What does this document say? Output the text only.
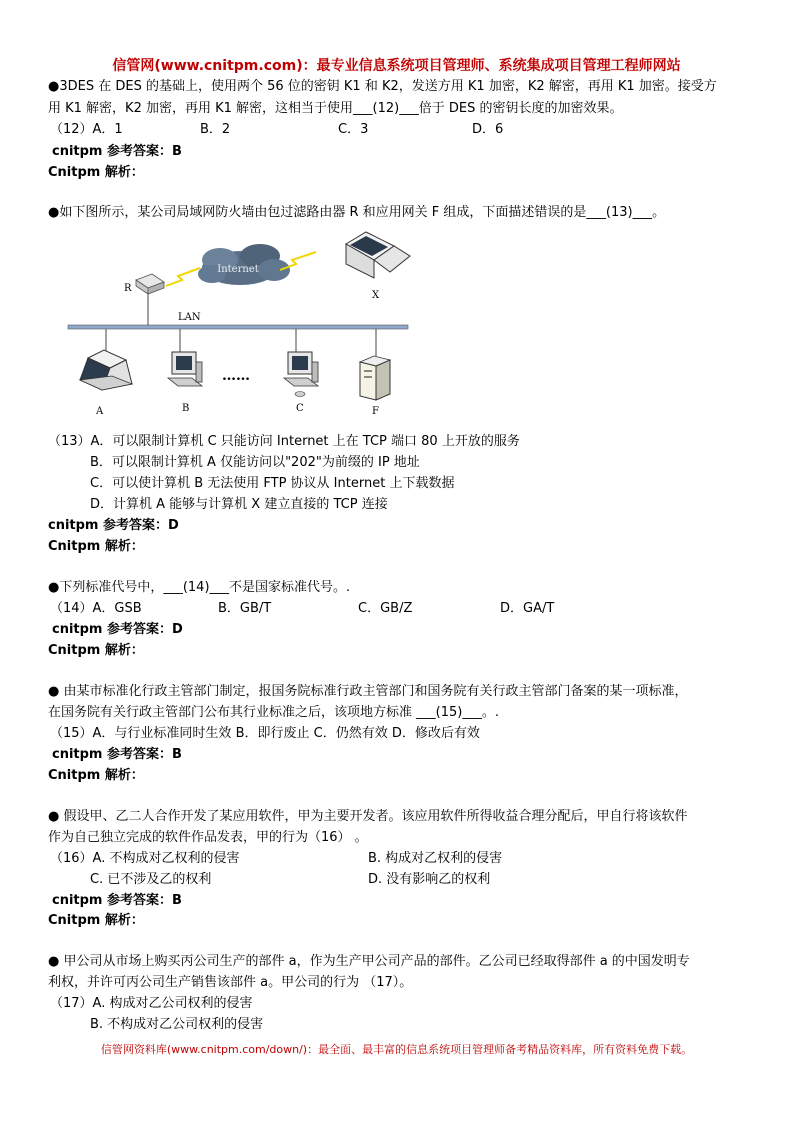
信管网(www.cnitpm.com)：最专业信息系统项目管理师、系统集成项目管理工程师网站
●3DES 在 DES 的基础上，使用两个 56 位的密钥 K1 和 K2，发送方用 K1 加密，K2 解密，再用 K1 加密。接受方
用 K1 解密，K2 加密，再用 K1 解密，这相当于使用___(12)___倍于 DES 的密钥长度的加密效果。
（12）A．1	B．2	C．3	D．6
cnitpm 参考答案：B
Cnitpm 解析：
●如下图所示，某公司局域网防火墙由包过滤路由器 R 和应用网关 F 组成，下面描述错误的是___(13)___。
LAN
R
Internet
X
A	B
……
C	F
（13）A．可以限制计算机 C 只能访问 Internet 上在 TCP 端口 80 上开放的服务
B．可以限制计算机 A 仅能访问以"202"为前缀的 IP 地址
C．可以使计算机 B 无法使用 FTP 协议从 Internet 上下载数据
D．计算机 A 能够与计算机 X 建立直接的 TCP 连接
cnitpm 参考答案：D
Cnitpm 解析：
●下列标准代号中，___(14)___不是国家标准代号。.
（14）A．GSB	B．GB/T	C．GB/Z	D．GA/T
cnitpm 参考答案：D
Cnitpm 解析：
● 由某市标准化行政主管部门制定，报国务院标准行政主管部门和国务院有关行政主管部门备案的某一项标准，
在国务院有关行政主管部门公布其行业标准之后，该项地方标准 ___(15)___。.
（15）A．与行业标准同时生效 B．即行废止 C．仍然有效 D．修改后有效
cnitpm 参考答案：B
Cnitpm 解析：
● 假设甲、乙二人合作开发了某应用软件，甲为主要开发者。该应用软件所得收益合理分配后，甲自行将该软件
作为自己独立完成的软件作品发表，甲的行为（16） 。
（16）A. 不构成对乙权利的侵害	B. 构成对乙权利的侵害
C. 已不涉及乙的权利	D. 没有影响乙的权利
cnitpm 参考答案：B
Cnitpm 解析：
● 甲公司从市场上购买丙公司生产的部件 a，作为生产甲公司产品的部件。乙公司已经取得部件 a 的中国发明专
利权，并许可丙公司生产销售该部件 a。甲公司的行为 （17）。
（17）A. 构成对乙公司权利的侵害
B. 不构成对乙公司权利的侵害
信管网资料库(www.cnitpm.com/down/)：最全面、最丰富的信息系统项目管理师备考精品资料库，所有资料免费下载。
